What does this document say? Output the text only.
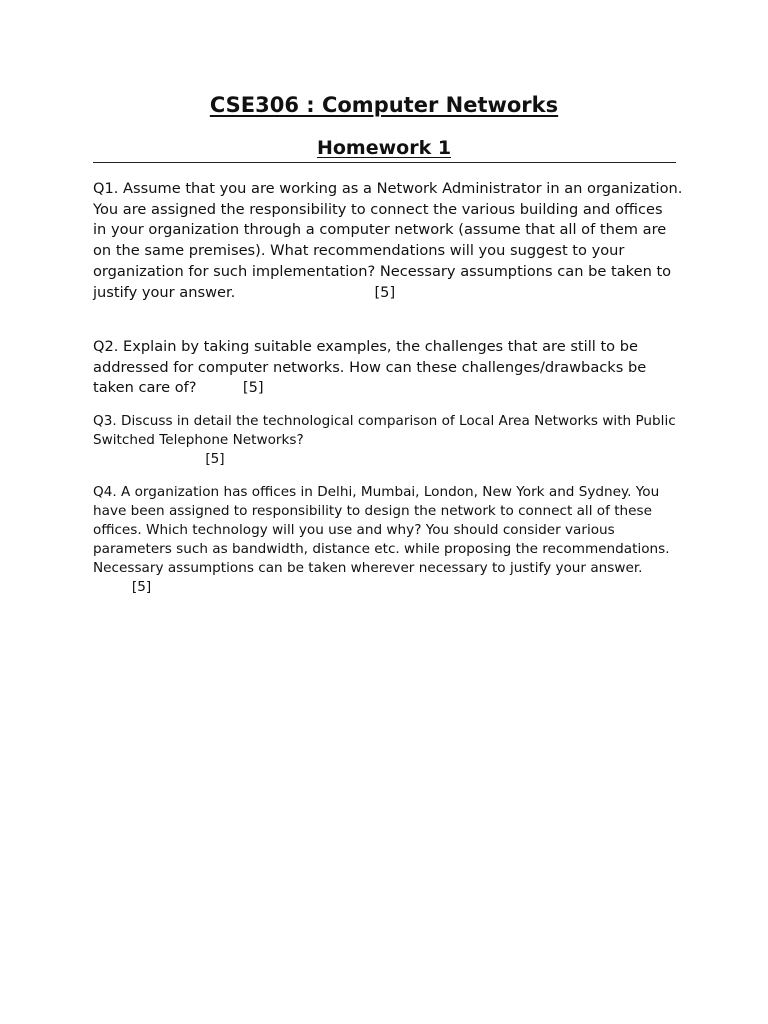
CSE306 : Computer Networks
Homework 1

Q1. Assume that you are working as a Network Administrator in an organization. You are assigned the responsibility to connect the various building and offices  in your organization through a computer network (assume that all of them are on the same premises). What recommendations will you suggest to your organization for such implementation? Necessary assumptions can be taken to justify your answer.                              [5]

Q2. Explain by taking suitable examples, the challenges that are still to be addressed for computer networks. How can these challenges/drawbacks be taken care of?          [5]

Q3. Discuss in detail the technological comparison of Local Area Networks with Public Switched Telephone Networks?
[5]

Q4. A organization has offices in Delhi, Mumbai, London, New York and Sydney. You have been assigned to responsibility to design the network to connect all of these offices. Which technology will you use and why? You should consider various parameters such as bandwidth, distance etc. while proposing the recommendations. Necessary assumptions can be taken wherever necessary to justify your answer.
[5]
